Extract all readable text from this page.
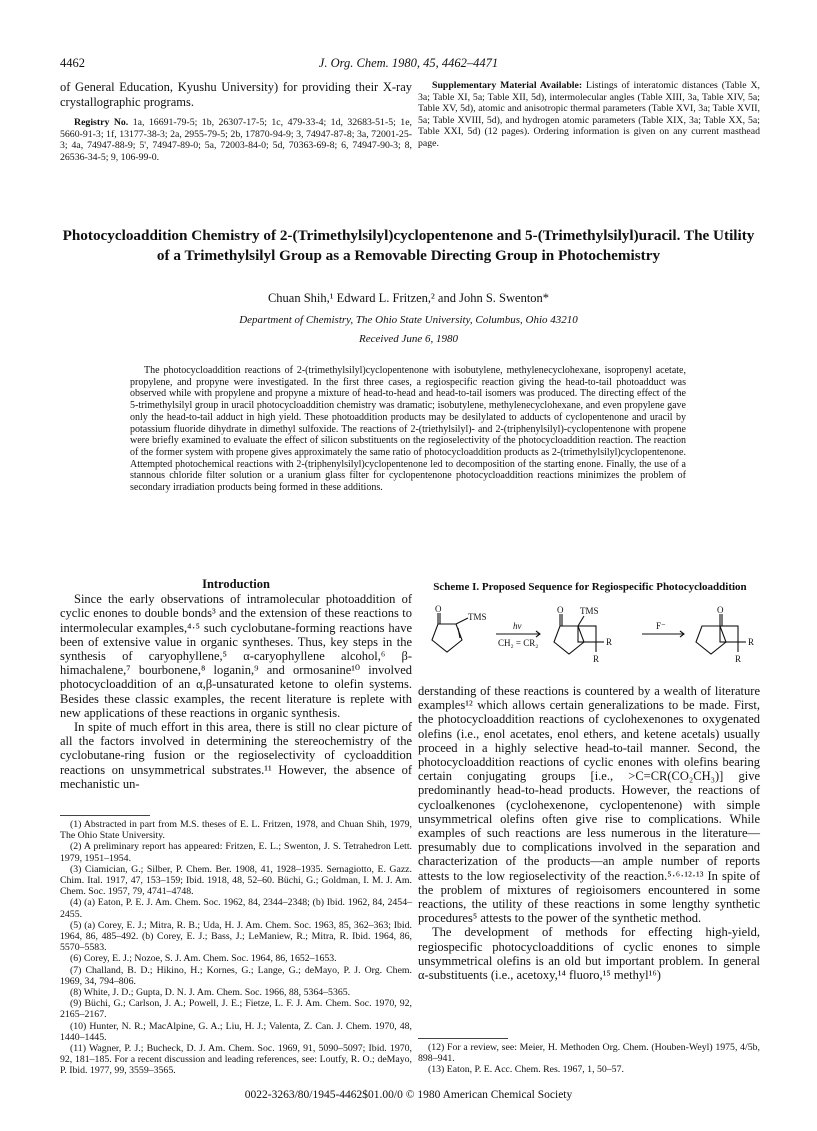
4462	J. Org. Chem. 1980, 45, 4462–4471

of General Education, Kyushu University) for providing their X-ray crystallographic programs.

Registry No. 1a, 16691-79-5; 1b, 26307-17-5; 1c, 479-33-4; 1d, 32683-51-5; 1e, 5660-91-3; 1f, 13177-38-3; 2a, 2955-79-5; 2b, 17870-94-9; 3, 74947-87-8; 3a, 72001-25-3; 4a, 74947-88-9; 5', 74947-89-0; 5a, 72003-84-0; 5d, 70363-69-8; 6, 74947-90-3; 8, 26536-34-5; 9, 106-99-0.

Supplementary Material Available: Listings of interatomic distances (Table X, 3a; Table XI, 5a; Table XII, 5d), intermolecular angles (Table XIII, 3a, Table XIV, 5a; Table XV, 5d), atomic and anisotropic thermal parameters (Table XVI, 3a; Table XVII, 5a; Table XVIII, 5d), and hydrogen atomic parameters (Table XIX, 3a; Table XX, 5a; Table XXI, 5d) (12 pages). Ordering information is given on any current masthead page.

Photocycloaddition Chemistry of 2-(Trimethylsilyl)cyclopentenone and 5-(Trimethylsilyl)uracil. The Utility of a Trimethylsilyl Group as a Removable Directing Group in Photochemistry
Chuan Shih,¹ Edward L. Fritzen,² and John S. Swenton*
Department of Chemistry, The Ohio State University, Columbus, Ohio 43210
Received June 6, 1980

The photocycloaddition reactions of 2-(trimethylsilyl)cyclopentenone with isobutylene, methylenecyclohexane, isopropenyl acetate, propylene, and propyne were investigated. In the first three cases, a regiospecific reaction giving the head-to-tail photoadduct was observed while with propylene and propyne a mixture of head-to-head and head-to-tail isomers was produced. The directing effect of the 5-trimethylsilyl group in uracil photocycloaddition chemistry was dramatic; isobutylene, methylenecyclohexane, and even propylene gave only the head-to-tail adduct in high yield. These photoaddition products may be desilylated to adducts of cyclopentenone and uracil by potassium fluoride dihydrate in dimethyl sulfoxide. The reactions of 2-(triethylsilyl)- and 2-(triphenylsilyl)-cyclopentenone with propene were briefly examined to evaluate the effect of silicon substituents on the regioselectivity of the photocycloaddition reaction. The reaction of the former system with propene gives approximately the same ratio of photocycloaddition products as 2-(trimethylsilyl)cyclopentenone. Attempted photochemical reactions with 2-(triphenylsilyl)cyclopentenone led to decomposition of the starting enone. Finally, the use of a stannous chloride filter solution or a uranium glass filter for cyclopentenone photocycloaddition reactions minimizes the problem of secondary irradiation products being formed in these additions.

Introduction

Since the early observations of intramolecular photoaddition of cyclic enones to double bonds³ and the extension of these reactions to intermolecular examples,⁴·⁵ such cyclobutane-forming reactions have been of extensive value in organic syntheses. Thus, key steps in the synthesis of caryophyllene,⁵ α-caryophyllene alcohol,⁶ β-himachalene,⁷ bourbonene,⁸ loganin,⁹ and ormosanine¹⁰ involved photocycloaddition of an α,β-unsaturated ketone to olefin systems. Besides these classic examples, the recent literature is replete with new applications of these reactions in organic synthesis.

In spite of much effort in this area, there is still no clear picture of all the factors involved in determining the stereochemistry of the cyclobutane-ring fusion or the regioselectivity of cycloaddition reactions on unsymmetrical substrates.¹¹ However, the absence of mechanistic un-

(1) Abstracted in part from M.S. theses of E. L. Fritzen, 1978, and Chuan Shih, 1979, The Ohio State University.

(2) A preliminary report has appeared: Fritzen, E. L.; Swenton, J. S. Tetrahedron Lett. 1979, 1951–1954.

(3) Ciamician, G.; Silber, P. Chem. Ber. 1908, 41, 1928–1935. Sernagiotto, E. Gazz. Chim. Ital. 1917, 47, 153–159; Ibid. 1918, 48, 52–60. Büchi, G.; Goldman, I. M. J. Am. Chem. Soc. 1957, 79, 4741–4748.

(4) (a) Eaton, P. E. J. Am. Chem. Soc. 1962, 84, 2344–2348; (b) Ibid. 1962, 84, 2454–2455.

(5) (a) Corey, E. J.; Mitra, R. B.; Uda, H. J. Am. Chem. Soc. 1963, 85, 362–363; Ibid. 1964, 86, 485–492. (b) Corey, E. J.; Bass, J.; LeManiew, R.; Mitra, R. Ibid. 1964, 86, 5570–5583.

(6) Corey, E. J.; Nozoe, S. J. Am. Chem. Soc. 1964, 86, 1652–1653.

(7) Challand, B. D.; Hikino, H.; Kornes, G.; Lange, G.; deMayo, P. J. Org. Chem. 1969, 34, 794–806.

(8) White, J. D.; Gupta, D. N. J. Am. Chem. Soc. 1966, 88, 5364–5365.

(9) Büchi, G.; Carlson, J. A.; Powell, J. E.; Fietze, L. F. J. Am. Chem. Soc. 1970, 92, 2165–2167.

(10) Hunter, N. R.; MacAlpine, G. A.; Liu, H. J.; Valenta, Z. Can. J. Chem. 1970, 48, 1440–1445.

(11) Wagner, P. J.; Bucheck, D. J. Am. Chem. Soc. 1969, 91, 5090–5097; Ibid. 1970, 92, 181–185. For a recent discussion and leading references, see: Loutfy, R. O.; deMayo, P. Ibid. 1977, 99, 3559–3565.

Scheme I. Proposed Sequence for Regiospecific Photocycloaddition
O
TMS
hν
CH₂ = CR₂
O TMS
R
R
F⁻
O
R
R

derstanding of these reactions is countered by a wealth of literature examples¹² which allows certain generalizations to be made. First, the photocycloaddition reactions of cyclohexenones to oxygenated olefins (i.e., enol acetates, enol ethers, and ketene acetals) usually proceed in a highly selective head-to-tail manner. Second, the photocycloaddition reactions of cyclic enones with olefins bearing certain conjugating groups [i.e., >C=CR(CO₂CH₃)] give predominantly head-to-head products. However, the reactions of cycloalkenones (cyclohexenone, cyclopentenone) with simple unsymmetrical olefins often give rise to complications. While examples of such reactions are less numerous in the literature—presumably due to complications involved in the separation and characterization of the products—an ample number of reports attests to the low regioselectivity of the reaction.⁵·⁶·¹²·¹³ In spite of the problem of mixtures of regioisomers encountered in some reactions, the utility of these reactions in some lengthy synthetic procedures⁵ attests to the power of the synthetic method.

The development of methods for effecting high-yield, regiospecific photocycloadditions of cyclic enones to simple unsymmetrical olefins is an old but important problem. In general α-substituents (i.e., acetoxy,¹⁴ fluoro,¹⁵ methyl¹⁶)

(12) For a review, see: Meier, H. Methoden Org. Chem. (Houben-Weyl) 1975, 4/5b, 898–941.

(13) Eaton, P. E. Acc. Chem. Res. 1967, 1, 50–57.

0022-3263/80/1945-4462$01.00/0 © 1980 American Chemical Society
